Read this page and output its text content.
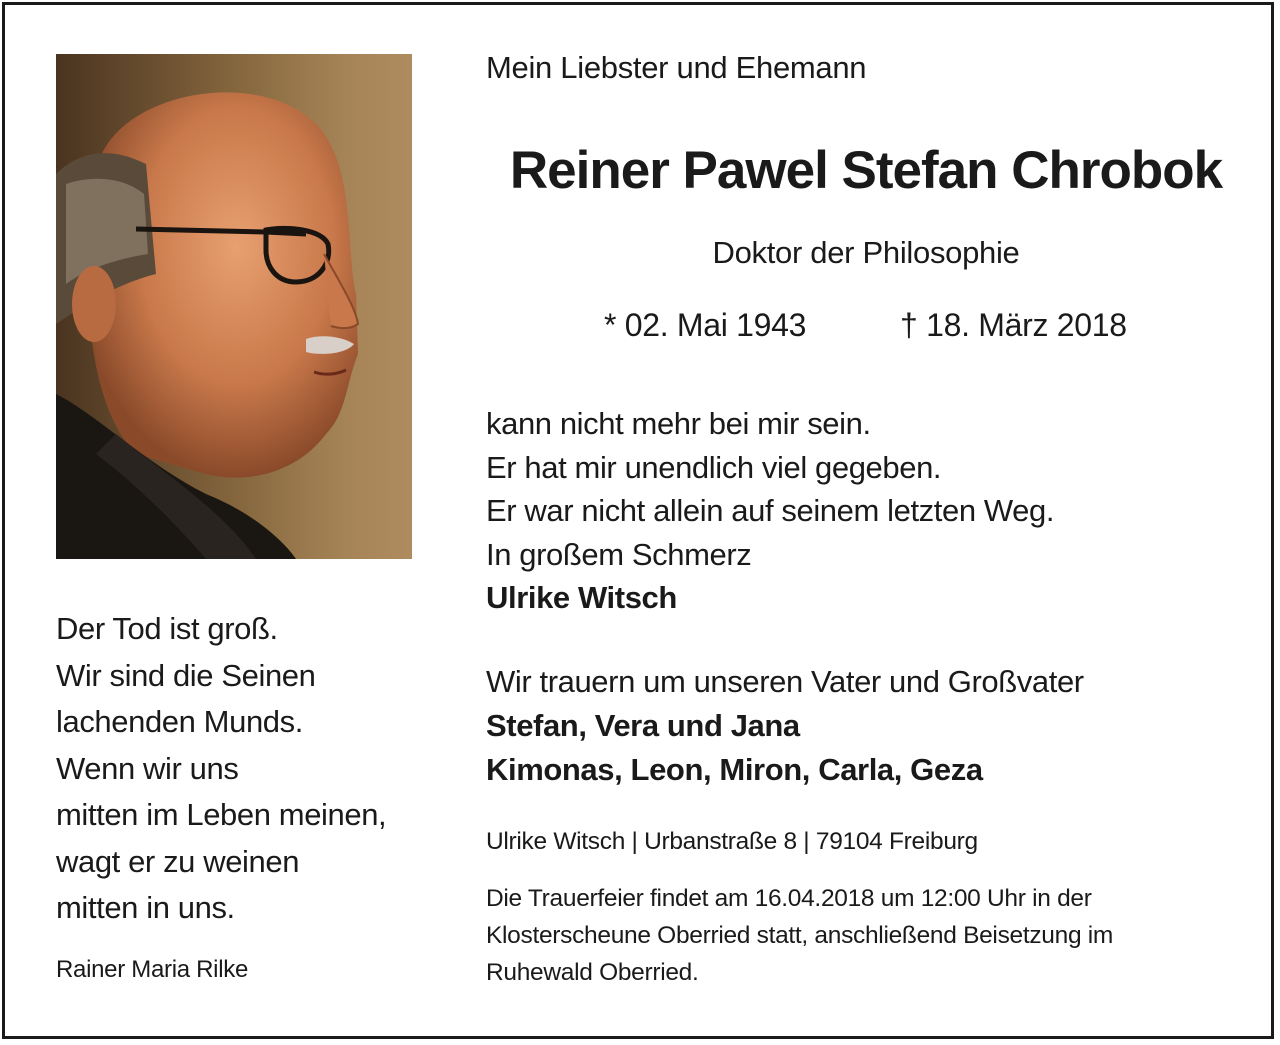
Der Tod ist groß.
Wir sind die Seinen
lachenden Munds.
Wenn wir uns
mitten im Leben meinen,
wagt er zu weinen
mitten in uns.
Rainer Maria Rilke
Mein Liebster und Ehemann
Reiner Pawel Stefan Chrobok
Doktor der Philosophie
* 02. Mai 1943	† 18. März 2018
kann nicht mehr bei mir sein.
Er hat mir unendlich viel gegeben.
Er war nicht allein auf seinem letzten Weg.
In großem Schmerz
Ulrike Witsch
Wir trauern um unseren Vater und Großvater
Stefan, Vera und Jana
Kimonas, Leon, Miron, Carla, Geza
Ulrike Witsch | Urbanstraße 8 | 79104 Freiburg
Die Trauerfeier findet am 16.04.2018 um 12:00 Uhr in der
Klosterscheune Oberried statt, anschließend Beisetzung im
Ruhewald Oberried.
